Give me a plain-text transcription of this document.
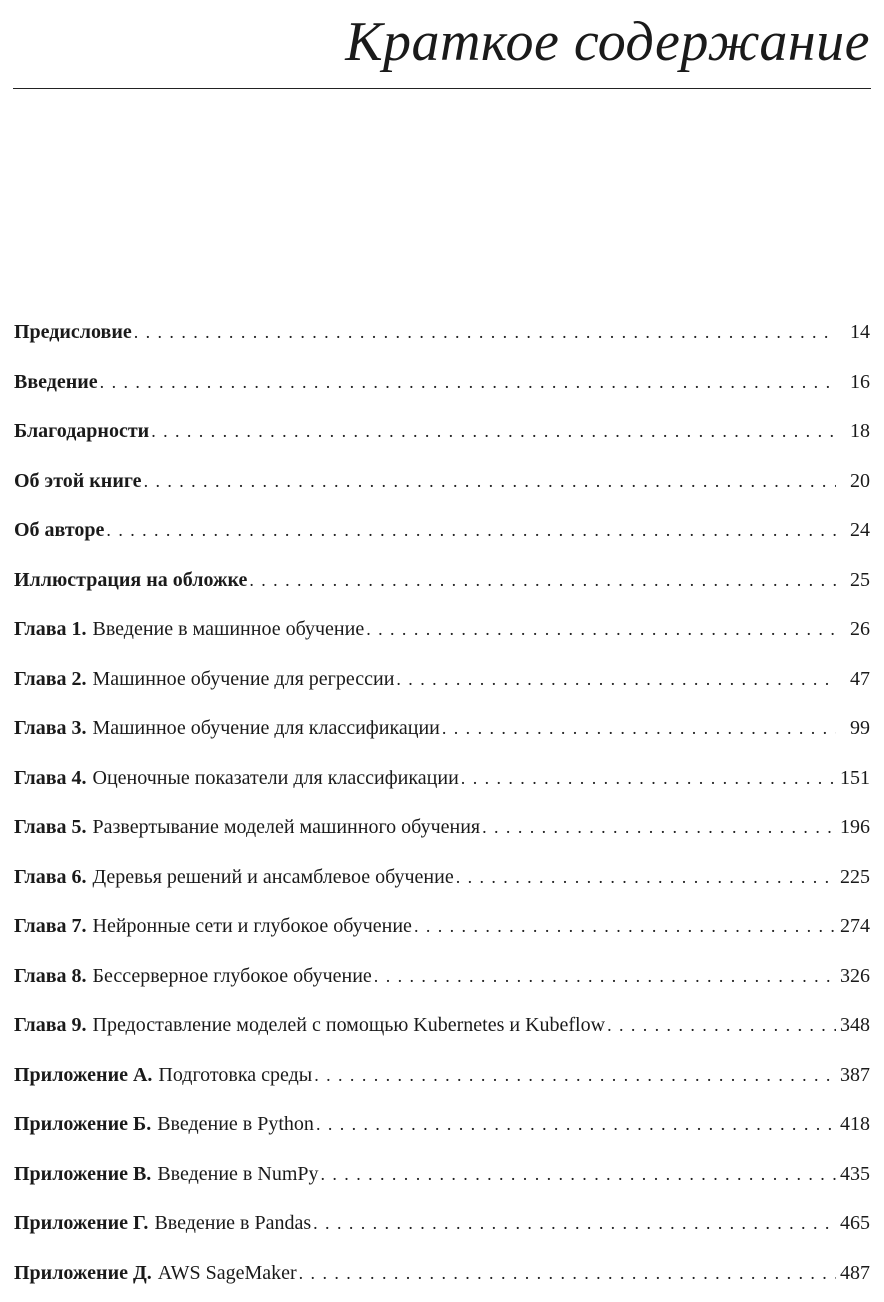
Краткое содержание
Предисловие .....	14
Введение .....	16
Благодарности .....	18
Об этой книге .....	20
Об авторе .....	24
Иллюстрация на обложке .....	25
Глава 1. Введение в машинное обучение .....	26
Глава 2. Машинное обучение для регрессии .....	47
Глава 3. Машинное обучение для классификации .....	99
Глава 4. Оценочные показатели для классификации .....	151
Глава 5. Развертывание моделей машинного обучения .....	196
Глава 6. Деревья решений и ансамблевое обучение .....	225
Глава 7. Нейронные сети и глубокое обучение .....	274
Глава 8. Бессерверное глубокое обучение .....	326
Глава 9. Предоставление моделей с помощью Kubernetes и Kubeflow .....	348
Приложение А. Подготовка среды .....	387
Приложение Б. Введение в Python .....	418
Приложение В. Введение в NumPy .....	435
Приложение Г. Введение в Pandas .....	465
Приложение Д. AWS SageMaker .....	487
